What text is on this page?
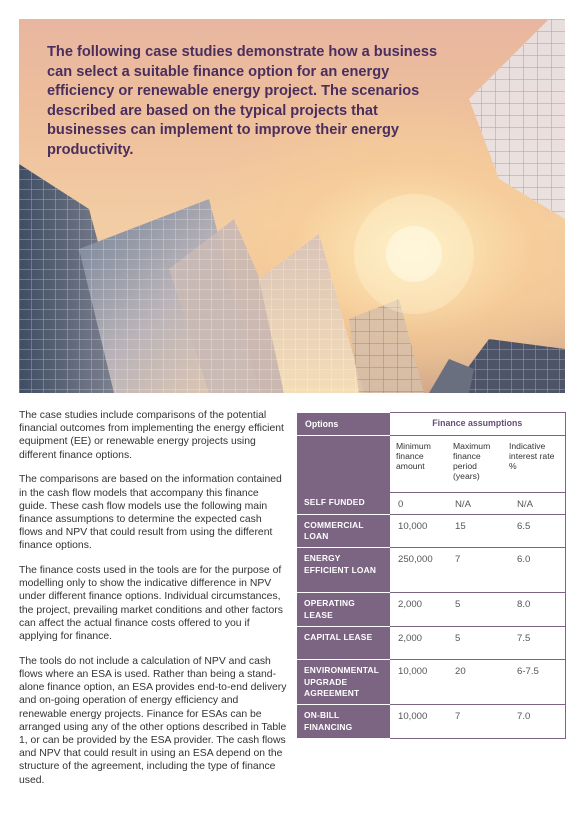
The following case studies demonstrate how a business can select a suitable finance option for an energy efficiency or renewable energy project. The scenarios described are based on the typical projects that businesses can implement to improve their energy productivity.

The case studies include comparisons of the potential financial outcomes from implementing the energy efficient equipment (EE) or renewable energy projects using different finance options.

The comparisons are based on the information contained in the cash flow models that accompany this finance guide. These cash flow models use the following main finance assumptions to determine the expected cash flows and NPV that could result from using the different finance options.

The finance costs used in the tools are for the purpose of modelling only to show the indicative difference in NPV under different finance options. Individual circumstances, the project, prevailing market conditions and other factors can affect the actual finance costs offered to you if applying for finance.

The tools do not include a calculation of NPV and cash flows where an ESA is used. Rather than being a stand-alone finance option, an ESA provides end-to-end delivery and on-going operation of energy efficiency and renewable energy projects. Finance for ESAs can be arranged using any of the other options described in Table 1, or can be provided by the ESA provider. The cash flows and NPV that could result in using an ESA depend on the structure of the agreement, including the type of finance used.

Options	Finance assumptions		
	Minimum finance amount	Maximum finance period (years)	Indicative interest rate %
SELF FUNDED	0	N/A	N/A
COMMERCIAL LOAN	10,000	15	6.5
ENERGY EFFICIENT LOAN	250,000	7	6.0
OPERATING LEASE	2,000	5	8.0
CAPITAL LEASE	2,000	5	7.5
ENVIRONMENTAL UPGRADE AGREEMENT	10,000	20	6-7.5
ON-BILL FINANCING	10,000	7	7.0
